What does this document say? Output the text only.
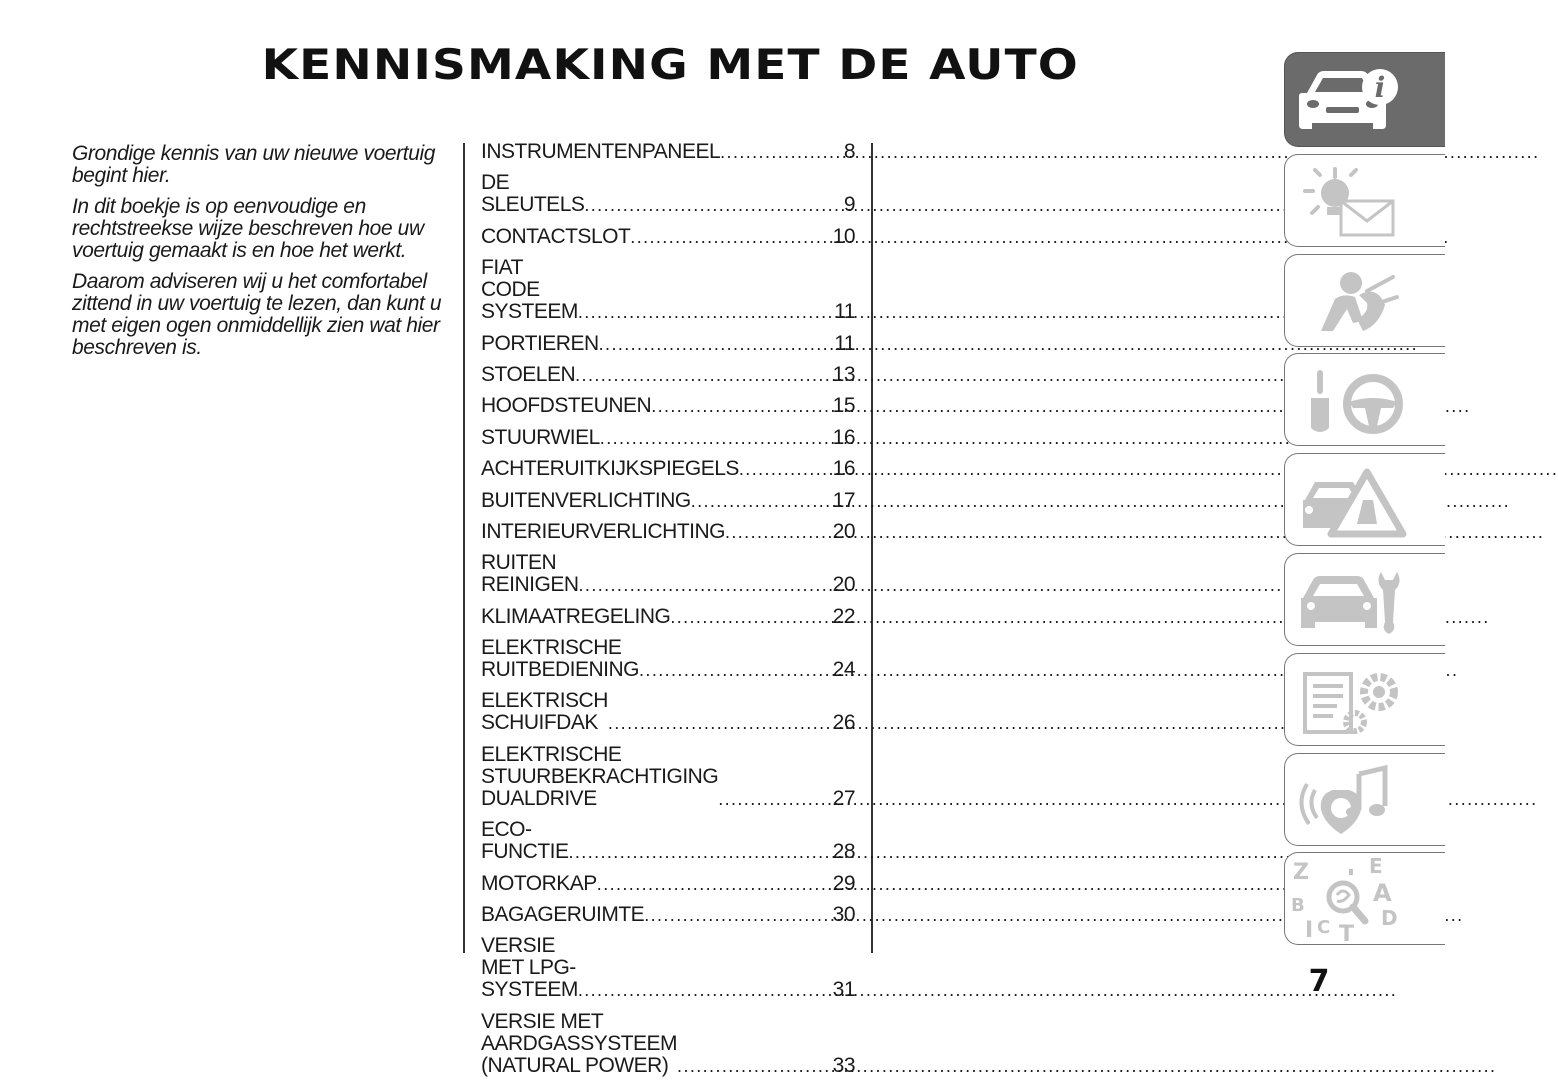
KENNISMAKING MET DE AUTO

Grondige kennis van uw nieuwe voertuig begint hier.

In dit boekje is op eenvoudige en rechtstreekse wijze beschreven hoe uw voertuig gemaakt is en hoe het werkt.

Daarom adviseren wij u het comfortabel zittend in uw voertuig te lezen, dan kunt u met eigen ogen onmiddellijk zien wat hier beschreven is.

INSTRUMENTENPANEEL .....	8
DE SLEUTELS .....	9
CONTACTSLOT .....	10
FIAT CODE SYSTEEM .....	11
PORTIEREN .....	11
STOELEN .....	13
HOOFDSTEUNEN .....	15
STUURWIEL .....	16
ACHTERUITKIJKSPIEGELS .....	16
BUITENVERLICHTING .....	17
INTERIEURVERLICHTING .....	20
RUITEN REINIGEN .....	20
KLIMAATREGELING .....	22
ELEKTRISCHE RUITBEDIENING .....	24
ELEKTRISCH SCHUIFDAK .....	26
ELEKTRISCHE
STUURBEKRACHTIGING
DUALDRIVE .....	27
ECO-FUNCTIE .....	28
MOTORKAP .....	29
BAGAGERUIMTE .....	30
VERSIE MET LPG-SYSTEEM .....	31
VERSIE MET AARDGASSYSTEEM
(NATURAL POWER) .....	33
i
Z	E
A
B
D
I C T
7
